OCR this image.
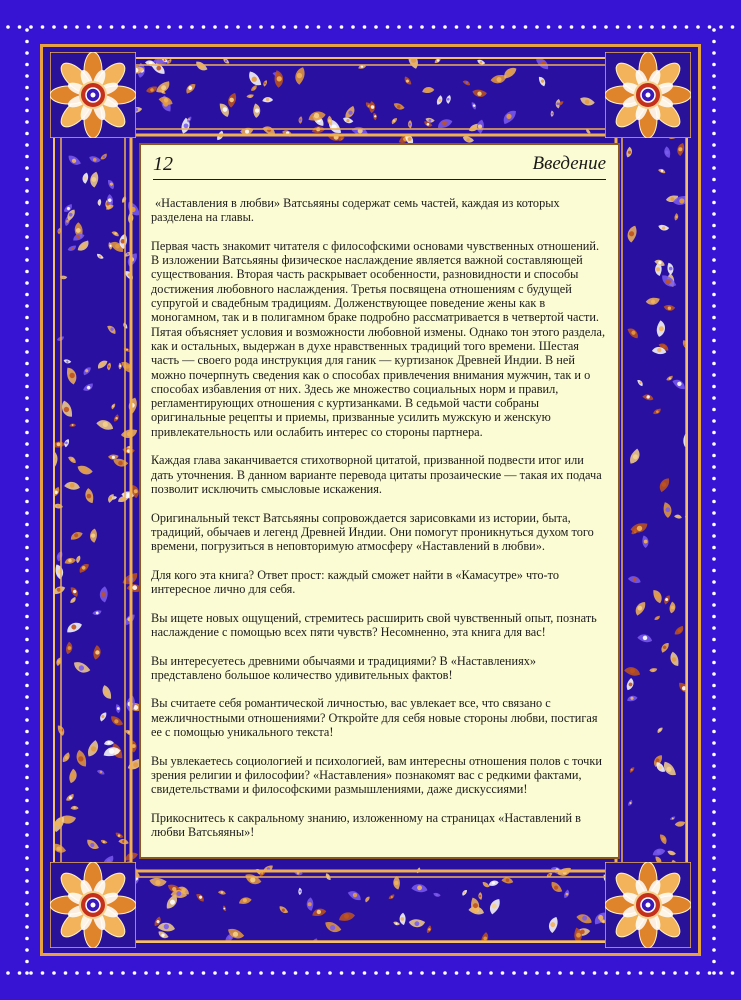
12	Введение

«Наставления в любви» Ватсьяяны содержат семь частей, каждая из которых разделена на главы.

Первая часть знакомит читателя с философскими основами чувственных отношений. В изложении Ватсьяяны физическое наслаждение является важной составляющей существования. Вторая часть раскрывает особенности, разновидности и способы достижения любовного наслаждения. Третья посвящена отношениям с будущей супругой и свадебным традициям. Долженствующее поведение жены как в моногамном, так и в полигамном браке подробно рассматривается в четвертой части. Пятая объясняет условия и возможности любовной измены. Однако тон этого раздела, как и остальных, выдержан в духе нравственных традиций того времени. Шестая часть — своего рода инструкция для ганик — куртизанок Древней Индии. В ней можно почерпнуть сведения как о способах привлечения внимания мужчин, так и о способах избавления от них. Здесь же множество социальных норм и правил, регламентирующих отношения с куртизанками. В седьмой части собраны оригинальные рецепты и приемы, призванные усилить мужскую и женскую привлекательность или ослабить интерес со стороны партнера.

Каждая глава заканчивается стихотворной цитатой, призванной подвести итог или дать уточнения. В данном варианте перевода цитаты прозаические — такая их подача позволит исключить смысловые искажения.

Оригинальный текст Ватсьяяны сопровождается зарисовками из истории, быта, традиций, обычаев и легенд Древней Индии. Они помогут проникнуться духом того времени, погрузиться в неповторимую атмосферу «Наставлений в любви».

Для кого эта книга? Ответ прост: каждый сможет найти в «Камасутре» что-то интересное лично для себя.

Вы ищете новых ощущений, стремитесь расширить свой чувственный опыт, познать наслаждение с помощью всех пяти чувств? Несомненно, эта книга для вас!

Вы интересуетесь древними обычаями и традициями? В «Наставлениях» представлено большое количество удивительных фактов!

Вы считаете себя романтической личностью, вас увлекает все, что связано с межличностными отношениями? Откройте для себя новые стороны любви, постигая ее с помощью уникального текста!

Вы увлекаетесь социологией и психологией, вам интересны отношения полов с точки зрения религии и философии? «Наставления» познакомят вас с редкими фактами, свидетельствами и философскими размышлениями, даже дискуссиями!

Прикоснитесь к сакральному знанию, изложенному на страницах «Наставлений в любви Ватсьяяны»!
